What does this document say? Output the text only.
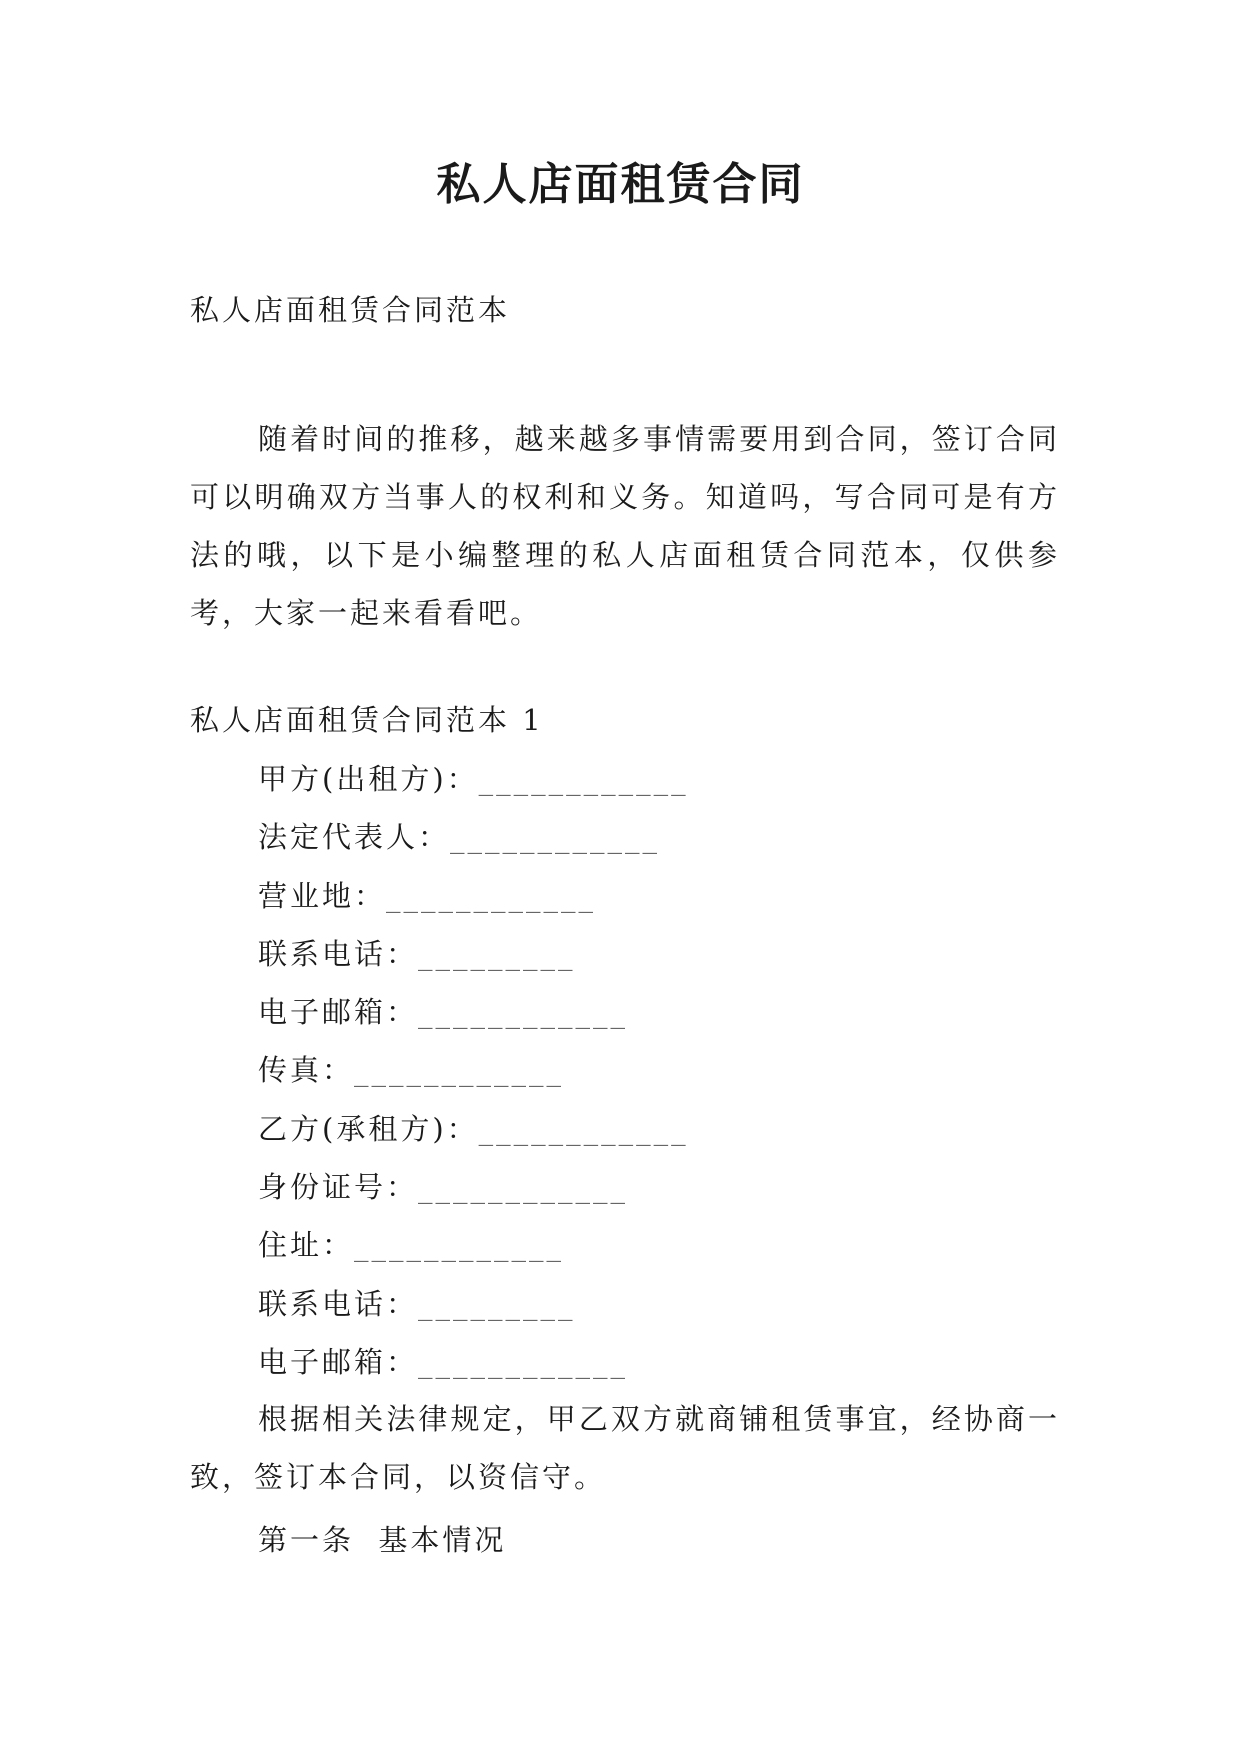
私人店面租赁合同
私人店面租赁合同范本

随着时间的推移，越来越多事情需要用到合同，签订合同可以明确双方当事人的权利和义务。知道吗，写合同可是有方法的哦，以下是小编整理的私人店面租赁合同范本，仅供参考，大家一起来看看吧。

私人店面租赁合同范本 1
甲方(出租方)：____________
法定代表人：____________
营业地：____________
联系电话：_________
电子邮箱：____________
传真：____________
乙方(承租方)：____________
身份证号：____________
住址：____________
联系电话：_________
电子邮箱：____________

根据相关法律规定，甲乙双方就商铺租赁事宜，经协商一致，签订本合同，以资信守。

第一条  基本情况
